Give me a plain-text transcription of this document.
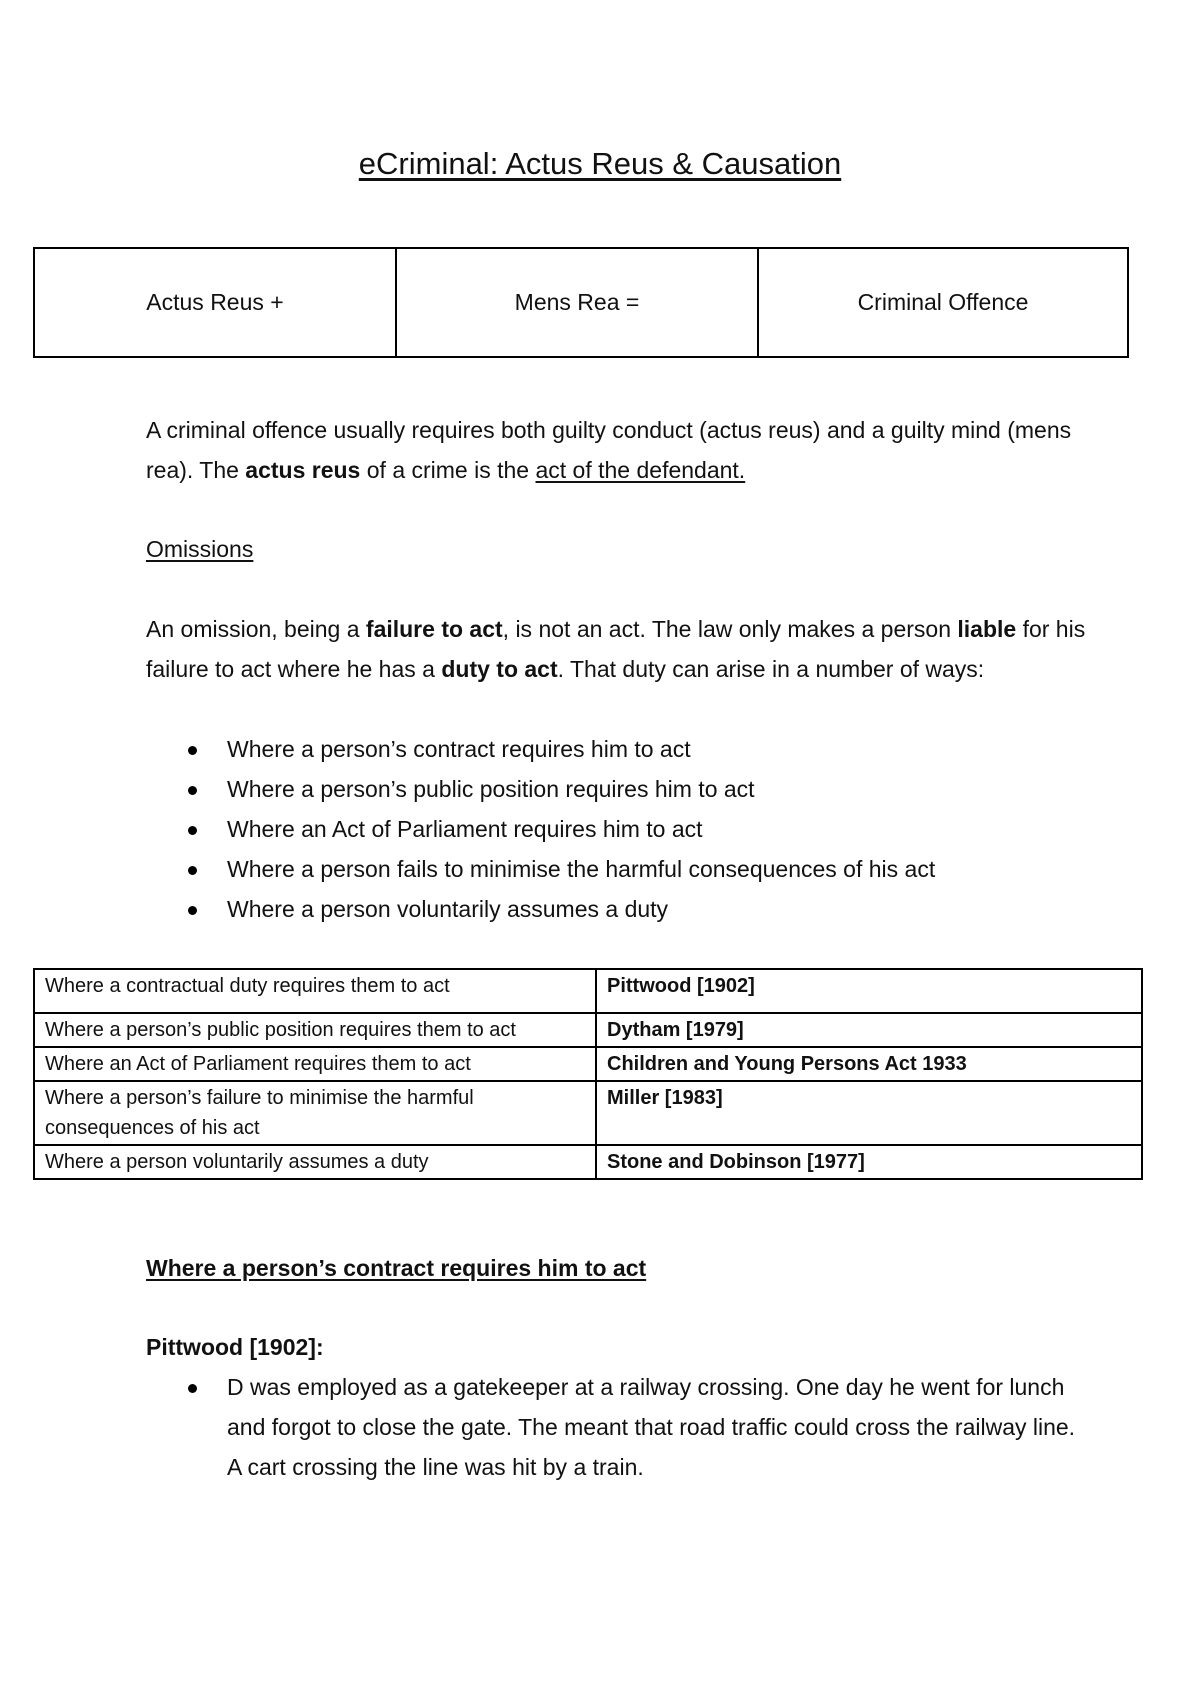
eCriminal: Actus Reus & Causation
Actus Reus +	Mens Rea =	Criminal Offence

A criminal offence usually requires both guilty conduct (actus reus) and a guilty mind (mens rea). The actus reus of a crime is the act of the defendant.

Omissions

An omission, being a failure to act, is not an act. The law only makes a person liable for his failure to act where he has a duty to act. That duty can arise in a number of ways:

Where a person’s contract requires him to act
Where a person’s public position requires him to act
Where an Act of Parliament requires him to act
Where a person fails to minimise the harmful consequences of his act
Where a person voluntarily assumes a duty
Where a contractual duty requires them to act	Pittwood [1902]
Where a person’s public position requires them to act	Dytham [1979]
Where an Act of Parliament requires them to act	Children and Young Persons Act 1933
Where a person’s failure to minimise the harmful consequences of his act	Miller [1983]
Where a person voluntarily assumes a duty	Stone and Dobinson [1977]

Where a person’s contract requires him to act

Pittwood [1902]:

D was employed as a gatekeeper at a railway crossing. One day he went for lunch and forgot to close the gate. The meant that road traffic could cross the railway line. A cart crossing the line was hit by a train.
